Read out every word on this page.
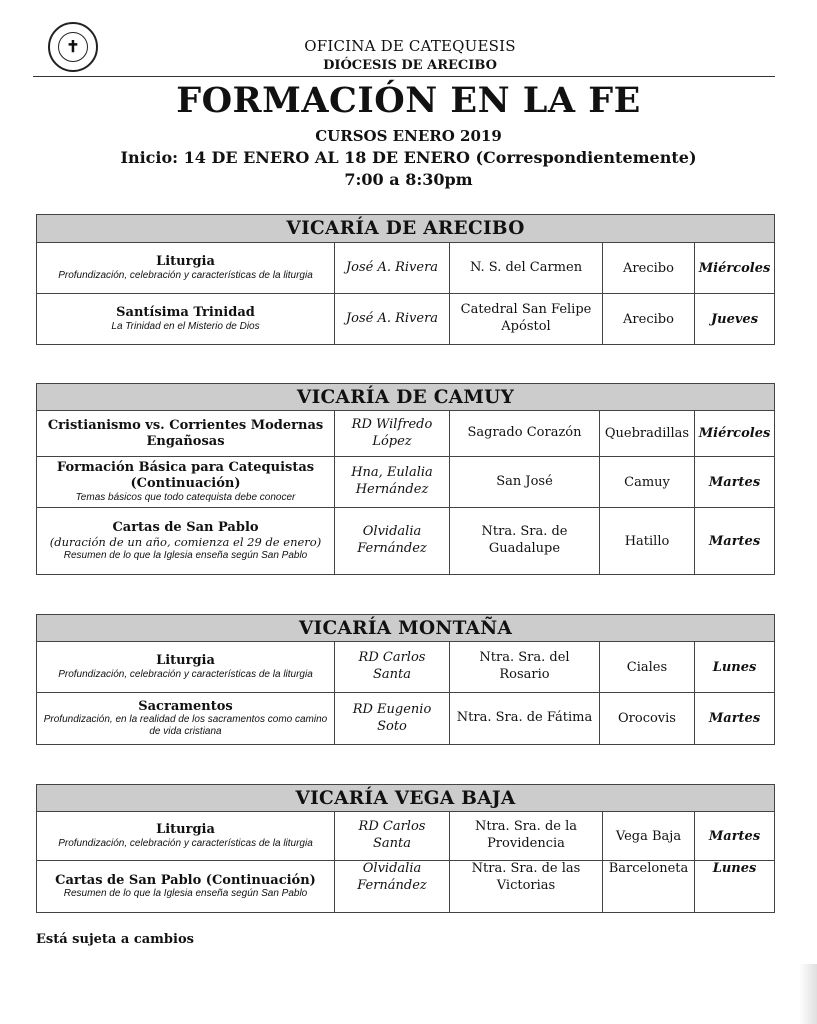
✝	OFICINA DE CATEQUESIS
DIÓCESIS DE ARECIBO
FORMACIÓN EN LA FE
CURSOS ENERO 2019
Inicio: 14 DE ENERO AL 18 DE ENERO (Correspondientemente)
7:00 a 8:30pm
VICARÍA DE ARECIBO				

Liturgia
Profundización, celebración y características de la liturgia	José A. Rivera	N. S. del Carmen	Arecibo	Miércoles

Santísima Trinidad
La Trinidad en el Misterio de Dios	José A. Rivera	Catedral San Felipe Apóstol	Arecibo	Jueves
VICARÍA DE CAMUY				

Cristianismo vs. Corrientes Modernas Engañosas	RD Wilfredo López	Sagrado Corazón	Quebradillas	Miércoles

Formación Básica para Catequistas (Continuación)
Temas básicos que todo catequista debe conocer	Hna, Eulalia Hernández	San José	Camuy	Martes

Cartas de San Pablo
(duración de un año, comienza el 29 de enero)
Resumen de lo que la Iglesia enseña según San Pablo	Olvidalia Fernández	Ntra. Sra. de Guadalupe	Hatillo	Martes
VICARÍA MONTAÑA				

Liturgia
Profundización, celebración y características de la liturgia	RD Carlos Santa	Ntra. Sra. del Rosario	Ciales	Lunes

Sacramentos
Profundización, en la realidad de los sacramentos como camino de vida cristiana	RD Eugenio Soto	Ntra. Sra. de Fátima	Orocovis	Martes
VICARÍA VEGA BAJA				

Liturgia
Profundización, celebración y características de la liturgia	RD Carlos Santa	Ntra. Sra. de la Providencia	Vega Baja	Martes

Cartas de San Pablo (Continuación)
Resumen de lo que la Iglesia enseña según San Pablo	Olvidalia Fernández	Ntra. Sra. de las Victorias	Barceloneta	Lunes
Está sujeta a cambios
